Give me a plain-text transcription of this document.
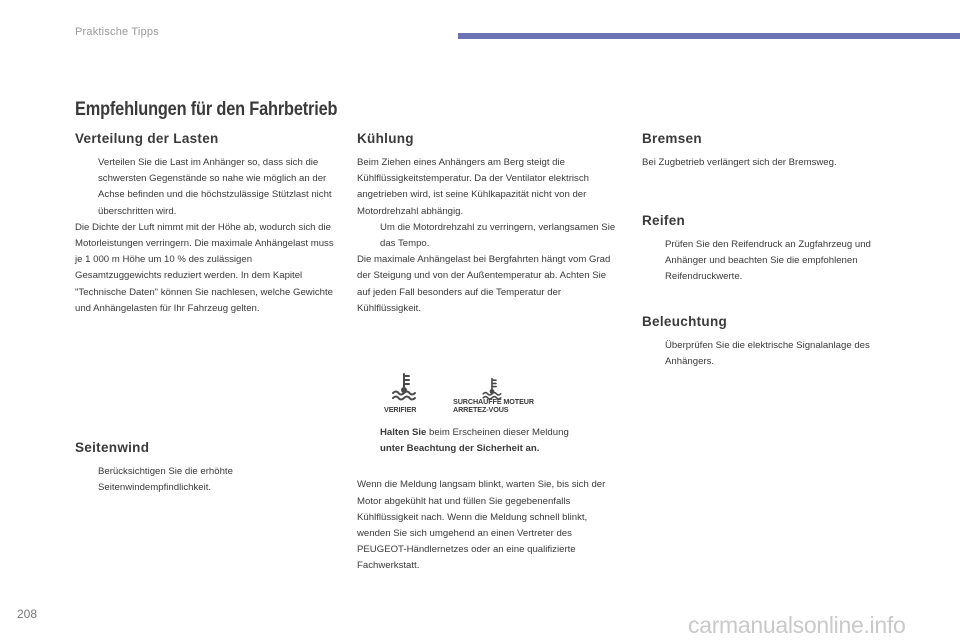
Praktische Tipps
Empfehlungen für den Fahrbetrieb
Verteilung der Lasten
Verteilen Sie die Last im Anhänger so, dass sich die schwersten Gegenstände so nahe wie möglich an der Achse befinden und die höchstzulässige Stützlast nicht überschritten wird.

Die Dichte der Luft nimmt mit der Höhe ab, wodurch sich die Motorleistungen verringern. Die maximale Anhängelast muss je 1 000 m Höhe um 10 % des zulässigen Gesamtzuggewichts reduziert werden. In dem Kapitel "Technische Daten" können Sie nachlesen, welche Gewichte und Anhängelasten für Ihr Fahrzeug gelten.

Seitenwind
Berücksichtigen Sie die erhöhte Seitenwindempfindlichkeit.
Kühlung

Beim Ziehen eines Anhängers am Berg steigt die Kühlflüssigkeitstemperatur. Da der Ventilator elektrisch angetrieben wird, ist seine Kühlkapazität nicht von der Motordrehzahl abhängig.

Um die Motordrehzahl zu verringern, verlangsamen Sie das Tempo.

Die maximale Anhängelast bei Bergfahrten hängt vom Grad der Steigung und von der Außentemperatur ab. Achten Sie auf jeden Fall besonders auf die Temperatur der Kühlflüssigkeit.

Halten Sie beim Erscheinen dieser Meldung
unter Beachtung der Sicherheit an.

Wenn die Meldung langsam blinkt, warten Sie, bis sich der Motor abgekühlt hat und füllen Sie gegebenenfalls Kühlflüssigkeit nach. Wenn die Meldung schnell blinkt, wenden Sie sich umgehend an einen Vertreter des PEUGEOT-Händlernetzes oder an eine qualifizierte Fachwerkstatt.

VERIFIER
SURCHAUFFE MOTEUR
ARRETEZ-VOUS
Bremsen

Bei Zugbetrieb verlängert sich der Bremsweg.

Reifen
Prüfen Sie den Reifendruck an Zugfahrzeug und Anhänger und beachten Sie die empfohlenen Reifendruckwerte.
Beleuchtung
Überprüfen Sie die elektrische Signalanlage des Anhängers.
208	carmanualsonline.info
